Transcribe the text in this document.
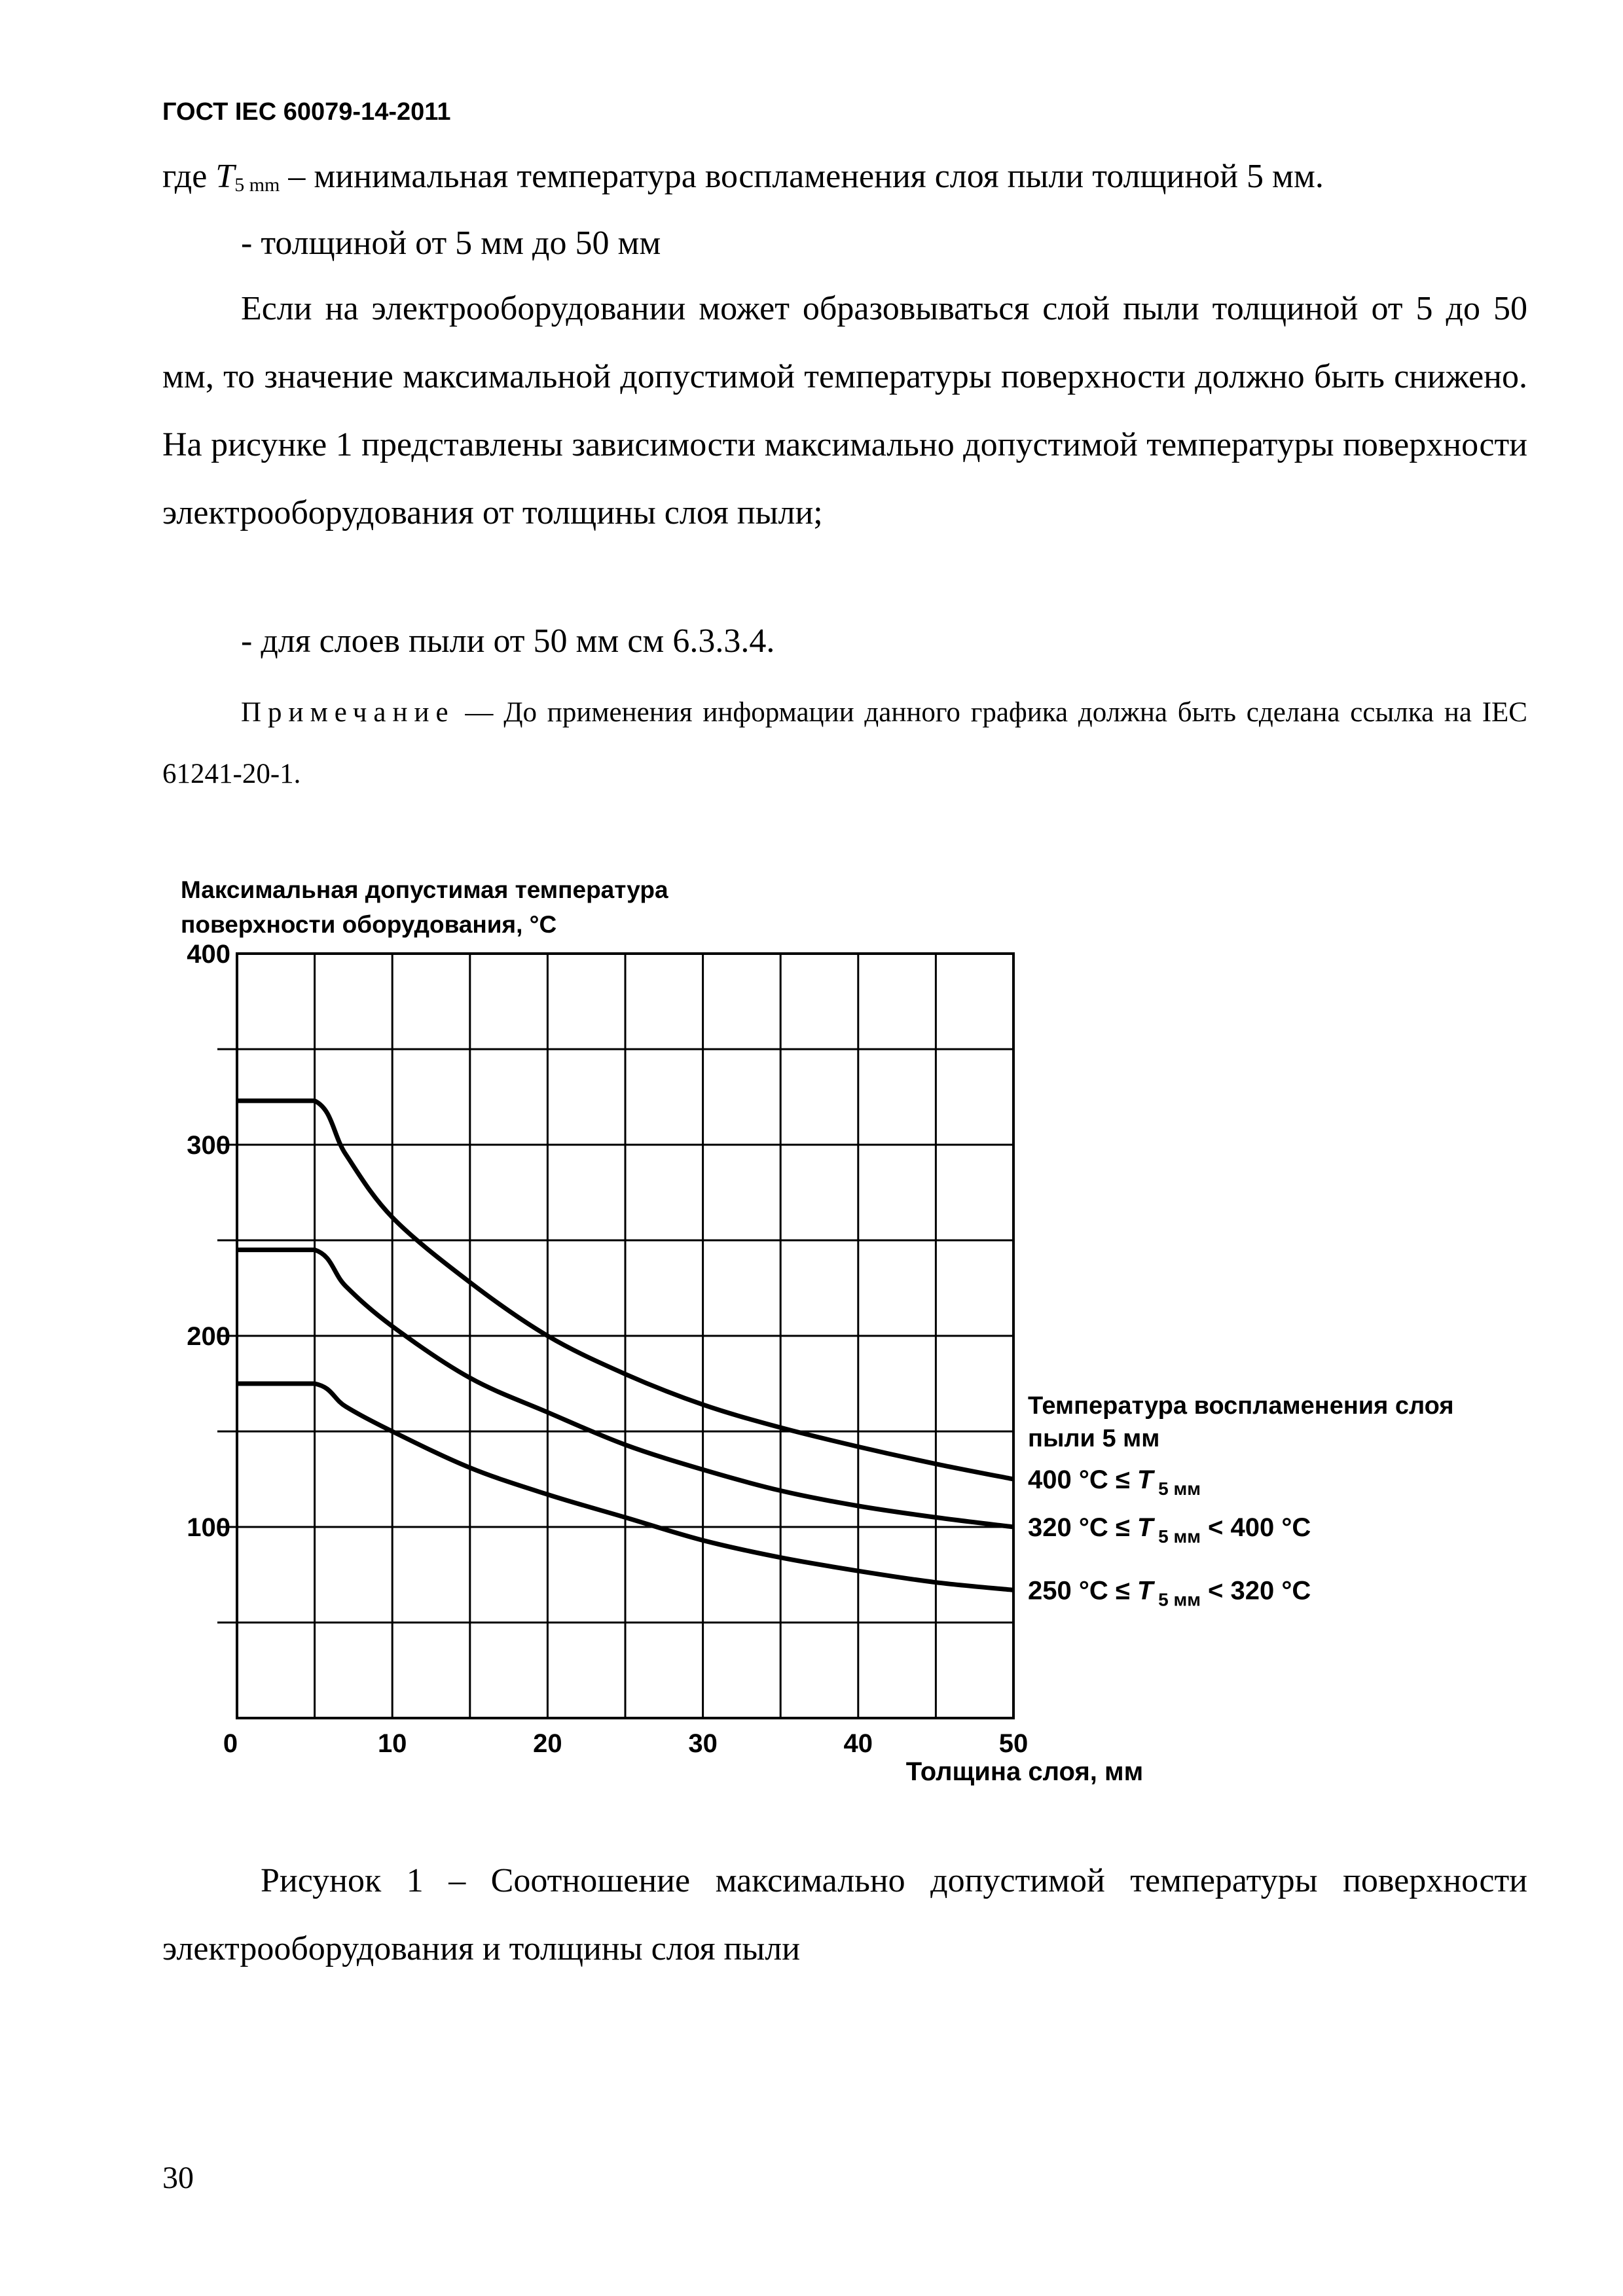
ГОСТ IEC 60079-14-2011
где $T_{5 mm}$ – минимальная температура воспламенения слоя пыли толщиной 5 мм.
- толщиной от 5 мм до 50 мм
Если на электрооборудовании может образовываться слой пыли толщиной от 5 до 50 мм, то значение максимальной допустимой температуры поверхности должно быть снижено. На рисунке 1 представлены зависимости максимально допустимой температуры поверхности электрооборудования от толщины слоя пыли;
- для слоев пыли от 50 мм см 6.3.3.4.
Примечание — До применения информации данного графика должна быть сделана ссылка на IEC 61241-20-1.
0	10	20	30	40	50
100
200
300
400
Максимальная допустимая температура
поверхности оборудования, °С
Толщина слоя, мм
Температура воспламенения слоя
пыли 5 мм
400 °C ≤ T $_{5 мм}$
320 °C ≤ T $_{5 мм}$ < 400 °C
250 °C ≤ T $_{5 мм}$ < 320 °C
Рисунок 1 – Соотношение максимально допустимой температуры поверхности электрооборудования и толщины слоя пыли
30
